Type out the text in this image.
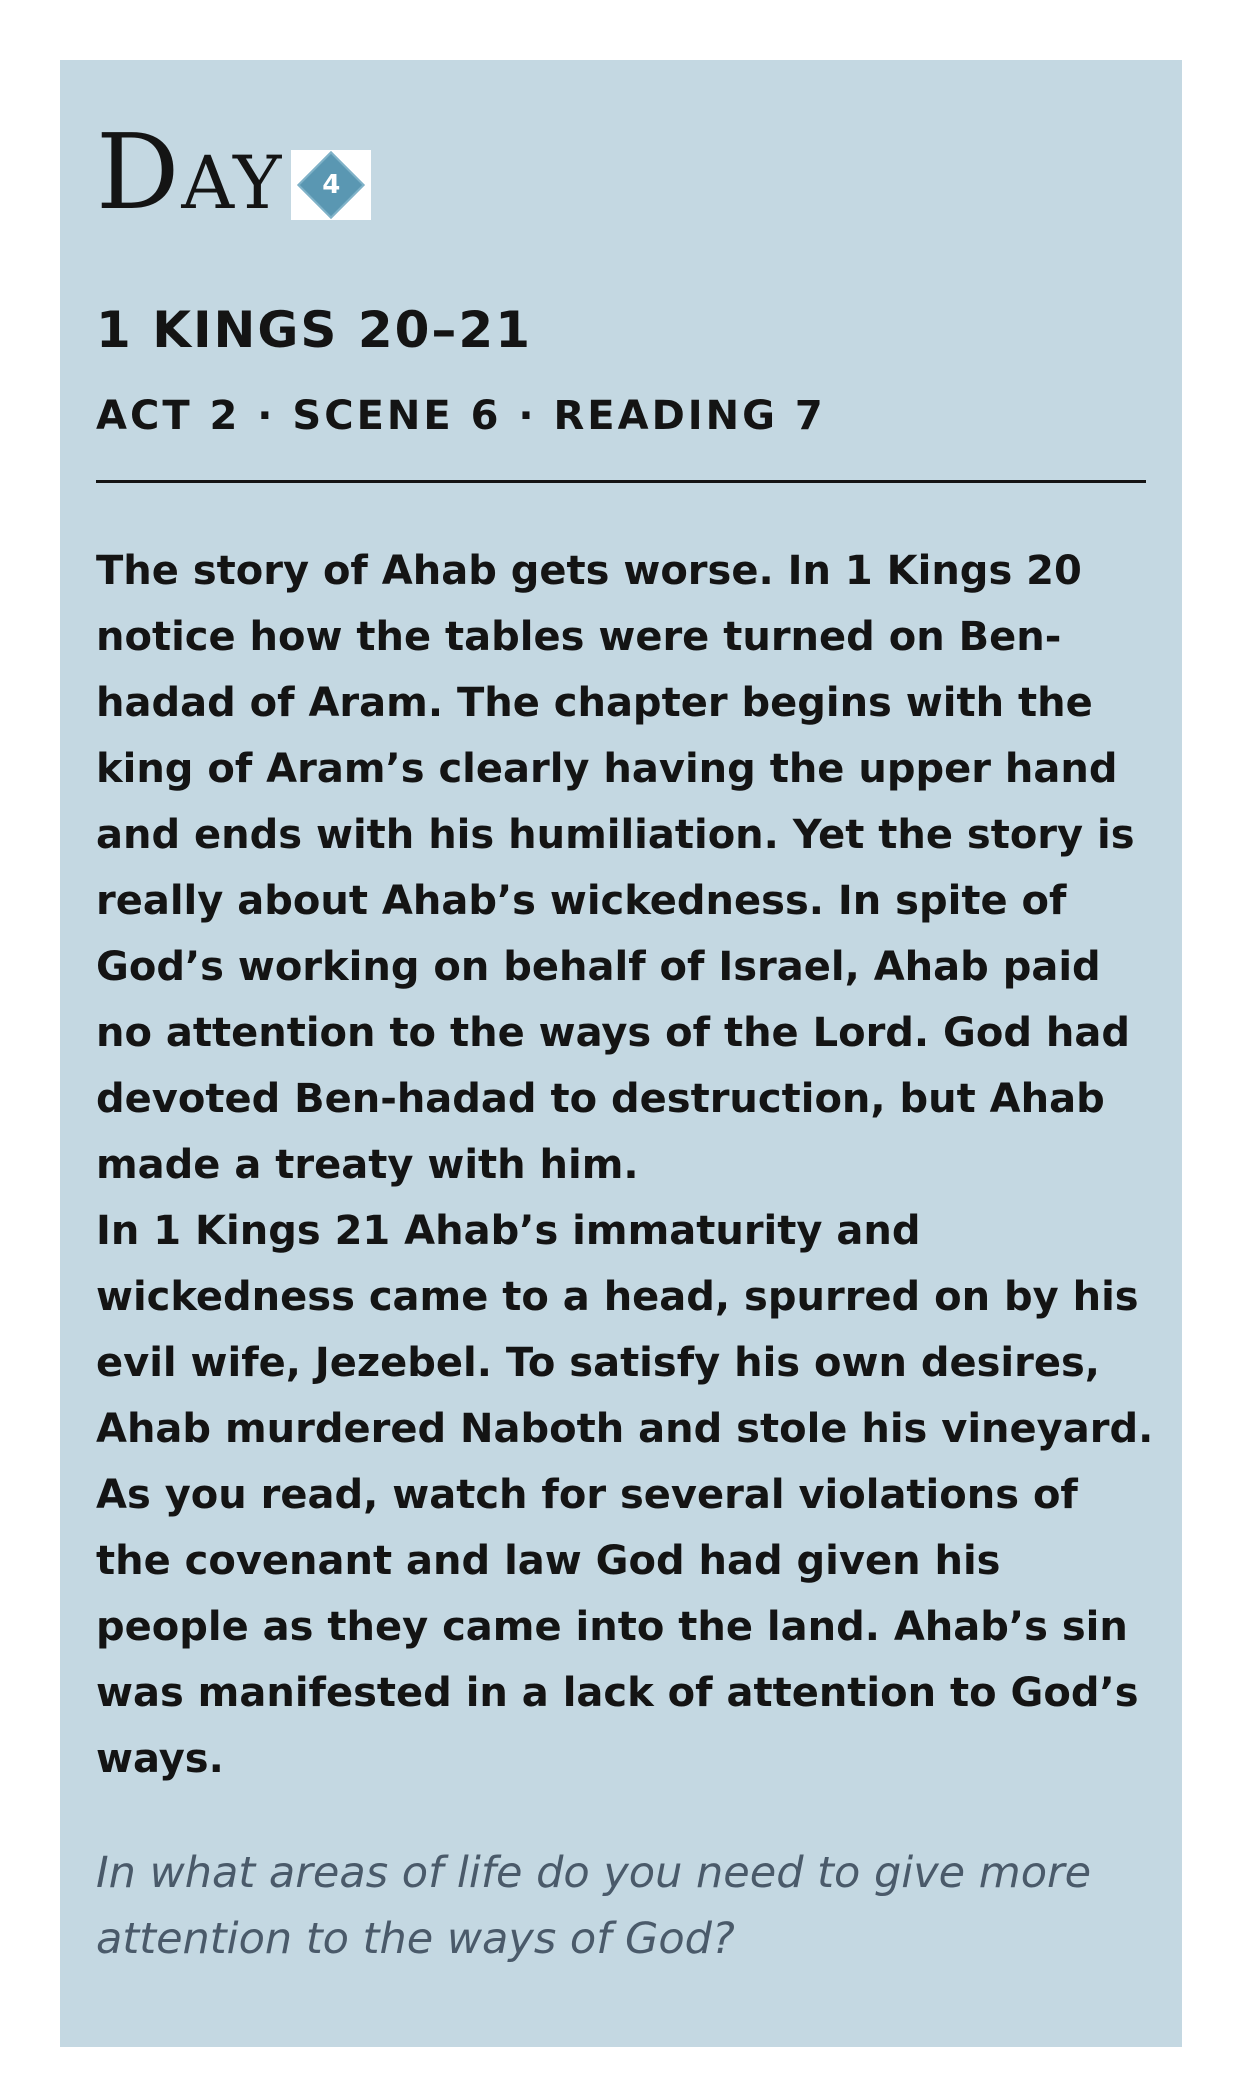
Day	4
1 KINGS 20–21
ACT 2 · SCENE 6 · READING 7

The story of Ahab gets worse. In 1 Kings 20 notice how the tables were turned on Ben-hadad of Aram. The chapter begins with the king of Aram’s clearly having the upper hand and ends with his humiliation. Yet the story is really about Ahab’s wickedness. In spite of God’s working on behalf of Israel, Ahab paid no attention to the ways of the Lord. God had devoted Ben-hadad to destruction, but Ahab made a treaty with him.

In 1 Kings 21 Ahab’s immaturity and wickedness came to a head, spurred on by his evil wife, Jezebel. To satisfy his own desires, Ahab murdered Naboth and stole his vineyard.

As you read, watch for several violations of the covenant and law God had given his people as they came into the land. Ahab’s sin was manifested in a lack of attention to God’s ways.

In what areas of life do you need to give more attention to the ways of God?
